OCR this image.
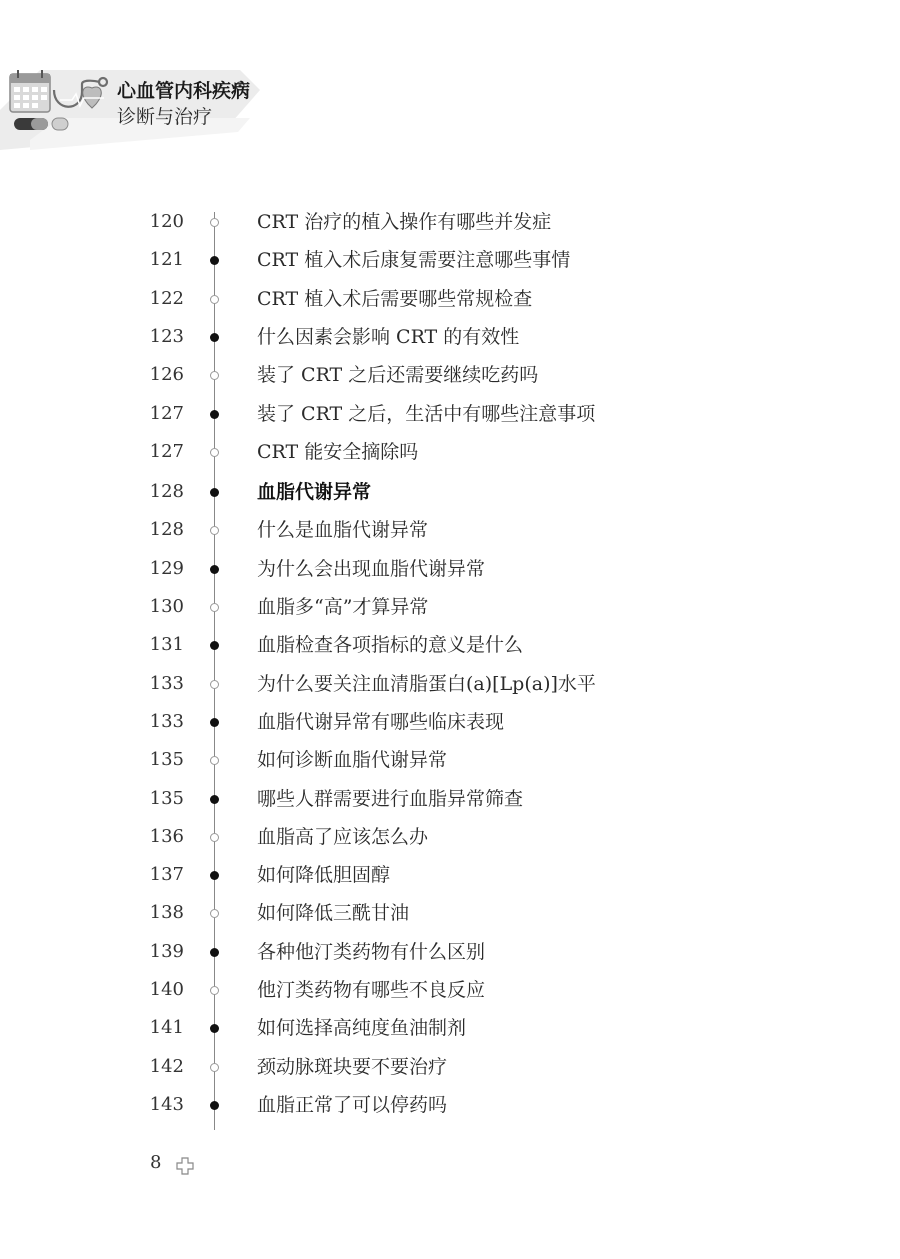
心血管内科疾病
诊断与治疗
120	CRT 治疗的植入操作有哪些并发症
121	CRT 植入术后康复需要注意哪些事情
122	CRT 植入术后需要哪些常规检查
123	什么因素会影响 CRT 的有效性
126	装了 CRT 之后还需要继续吃药吗
127	装了 CRT 之后，生活中有哪些注意事项
127	CRT 能安全摘除吗
128	血脂代谢异常
128	什么是血脂代谢异常
129	为什么会出现血脂代谢异常
130	血脂多“高”才算异常
131	血脂检查各项指标的意义是什么
133	为什么要关注血清脂蛋白(a)[Lp(a)]水平
133	血脂代谢异常有哪些临床表现
135	如何诊断血脂代谢异常
135	哪些人群需要进行血脂异常筛查
136	血脂高了应该怎么办
137	如何降低胆固醇
138	如何降低三酰甘油
139	各种他汀类药物有什么区别
140	他汀类药物有哪些不良反应
141	如何选择高纯度鱼油制剂
142	颈动脉斑块要不要治疗
143	血脂正常了可以停药吗
8
